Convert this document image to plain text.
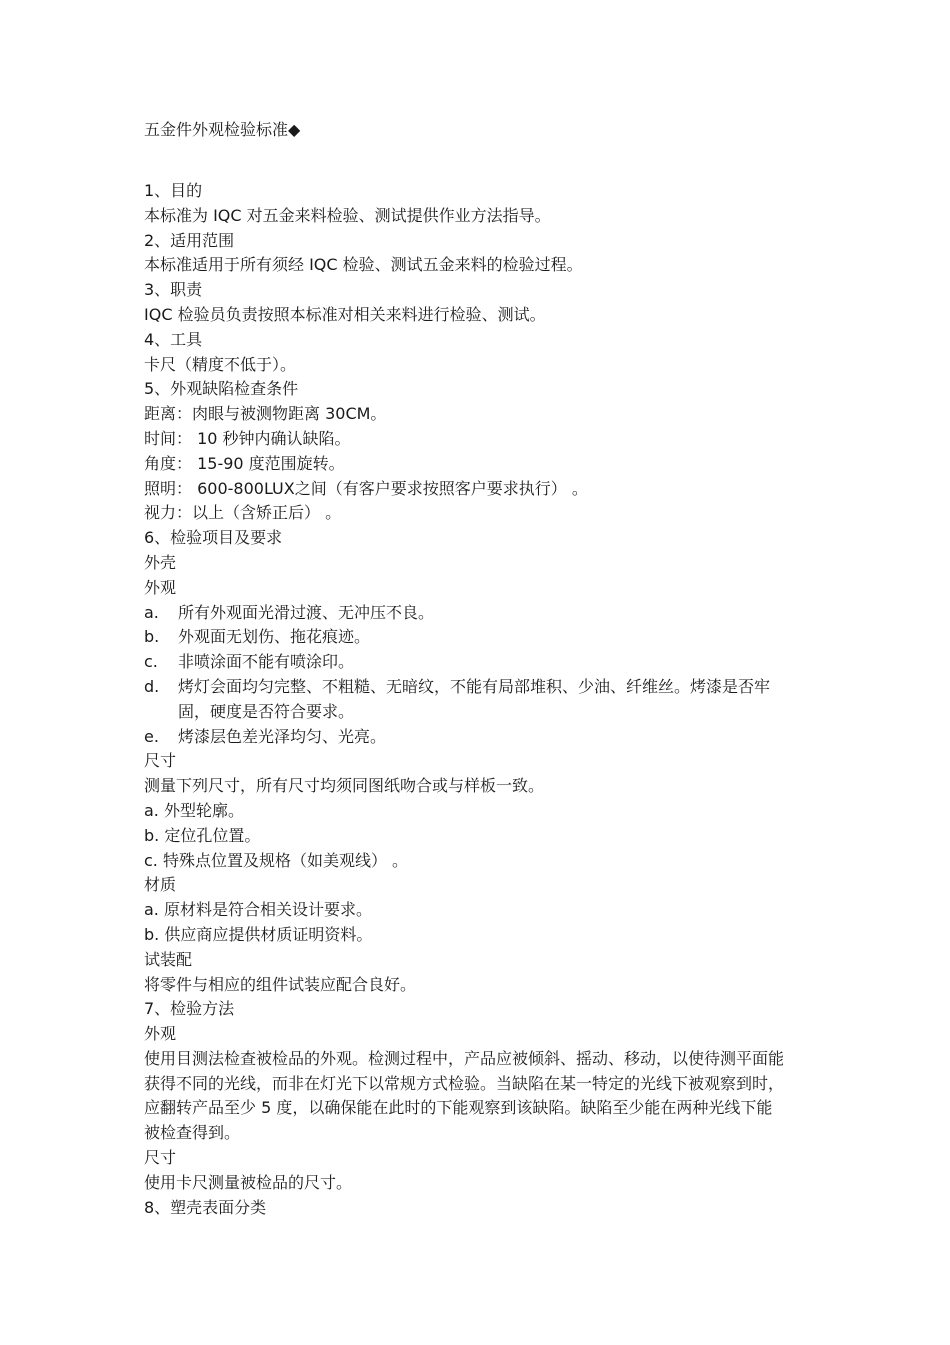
五金件外观检验标准◆
1、目的
本标准为 IQC 对五金来料检验、测试提供作业方法指导。
2、适用范围
本标准适用于所有须经 IQC 检验、测试五金来料的检验过程。
3、职责
IQC 检验员负责按照本标准对相关来料进行检验、测试。
4、工具
卡尺（精度不低于）。
5、外观缺陷检查条件
距离：肉眼与被测物距离 30CM。
时间： 10 秒钟内确认缺陷。
角度： 15-90 度范围旋转。
照明： 600-800LUX之间（有客户要求按照客户要求执行） 。
视力：以上（含矫正后） 。
6、检验项目及要求
外壳
外观
a.	所有外观面光滑过渡、无冲压不良。
b.	外观面无划伤、拖花痕迹。
c.	非喷涂面不能有喷涂印。
d.	烤灯会面均匀完整、不粗糙、无暗纹，不能有局部堆积、少油、纤维丝。烤漆是否牢固，硬度是否符合要求。
e.	烤漆层色差光泽均匀、光亮。
尺寸
测量下列尺寸，所有尺寸均须同图纸吻合或与样板一致。
a. 外型轮廓。
b. 定位孔位置。
c. 特殊点位置及规格（如美观线） 。
材质
a. 原材料是符合相关设计要求。
b. 供应商应提供材质证明资料。
试装配
将零件与相应的组件试装应配合良好。
7、检验方法
外观
使用目测法检查被检品的外观。检测过程中，产品应被倾斜、摇动、移动，以使待测平面能获得不同的光线，而非在灯光下以常规方式检验。当缺陷在某一特定的光线下被观察到时，应翻转产品至少 5 度，以确保能在此时的下能观察到该缺陷。缺陷至少能在两种光线下能被检查得到。
尺寸
使用卡尺测量被检品的尺寸。
8、塑壳表面分类
